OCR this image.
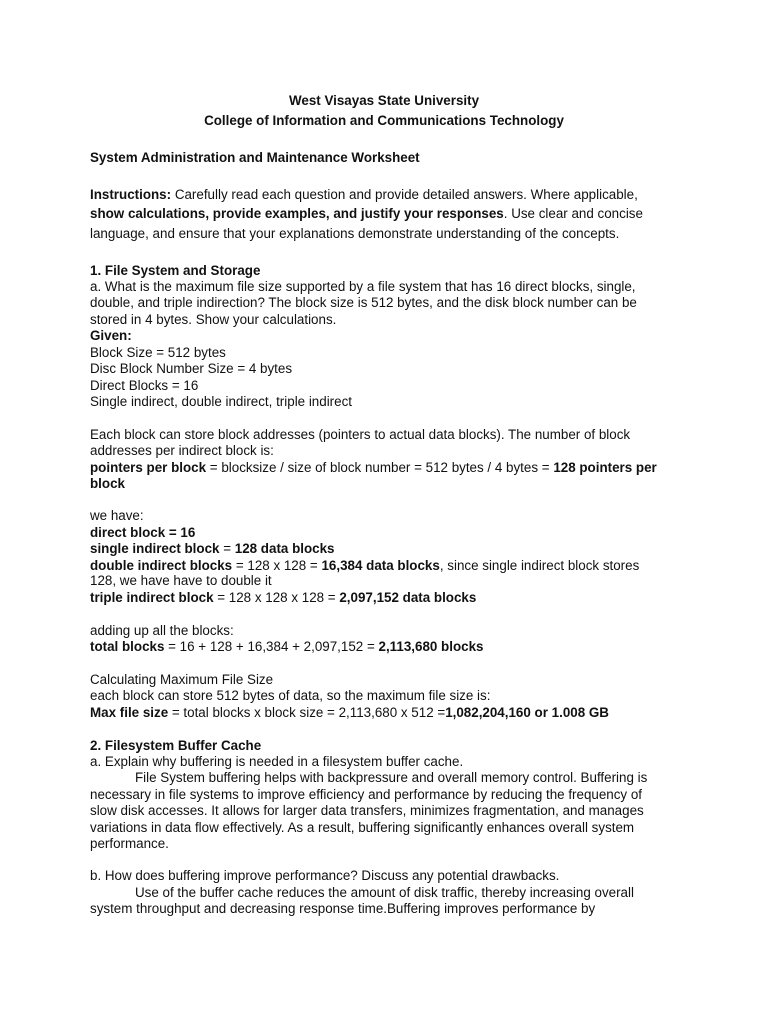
West Visayas State University
College of Information and Communications Technology
System Administration and Maintenance Worksheet
Instructions: Carefully read each question and provide detailed answers. Where applicable,
show calculations, provide examples, and justify your responses. Use clear and concise
language, and ensure that your explanations demonstrate understanding of the concepts.
1. File System and Storage
a. What is the maximum file size supported by a file system that has 16 direct blocks, single,
double, and triple indirection? The block size is 512 bytes, and the disk block number can be
stored in 4 bytes. Show your calculations.
Given:
Block Size = 512 bytes
Disc Block Number Size = 4 bytes
Direct Blocks = 16
Single indirect, double indirect, triple indirect
Each block can store block addresses (pointers to actual data blocks). The number of block
addresses per indirect block is:
pointers per block = blocksize / size of block number = 512 bytes / 4 bytes = 128 pointers per
block
we have:
direct block = 16
single indirect block = 128 data blocks
double indirect blocks = 128 x 128 = 16,384 data blocks, since single indirect block stores
128, we have have to double it
triple indirect block = 128 x 128 x 128 = 2,097,152 data blocks
adding up all the blocks:
total blocks = 16 + 128 + 16,384 + 2,097,152 = 2,113,680 blocks
Calculating Maximum File Size
each block can store 512 bytes of data, so the maximum file size is:
Max file size = total blocks x block size = 2,113,680 x 512 =1,082,204,160 or 1.008 GB
2. Filesystem Buffer Cache
a. Explain why buffering is needed in a filesystem buffer cache.
File System buffering helps with backpressure and overall memory control. Buffering is
necessary in file systems to improve efficiency and performance by reducing the frequency of
slow disk accesses. It allows for larger data transfers, minimizes fragmentation, and manages
variations in data flow effectively. As a result, buffering significantly enhances overall system
performance.
b. How does buffering improve performance? Discuss any potential drawbacks.
Use of the buffer cache reduces the amount of disk traffic, thereby increasing overall
system throughput and decreasing response time.Buffering improves performance by
